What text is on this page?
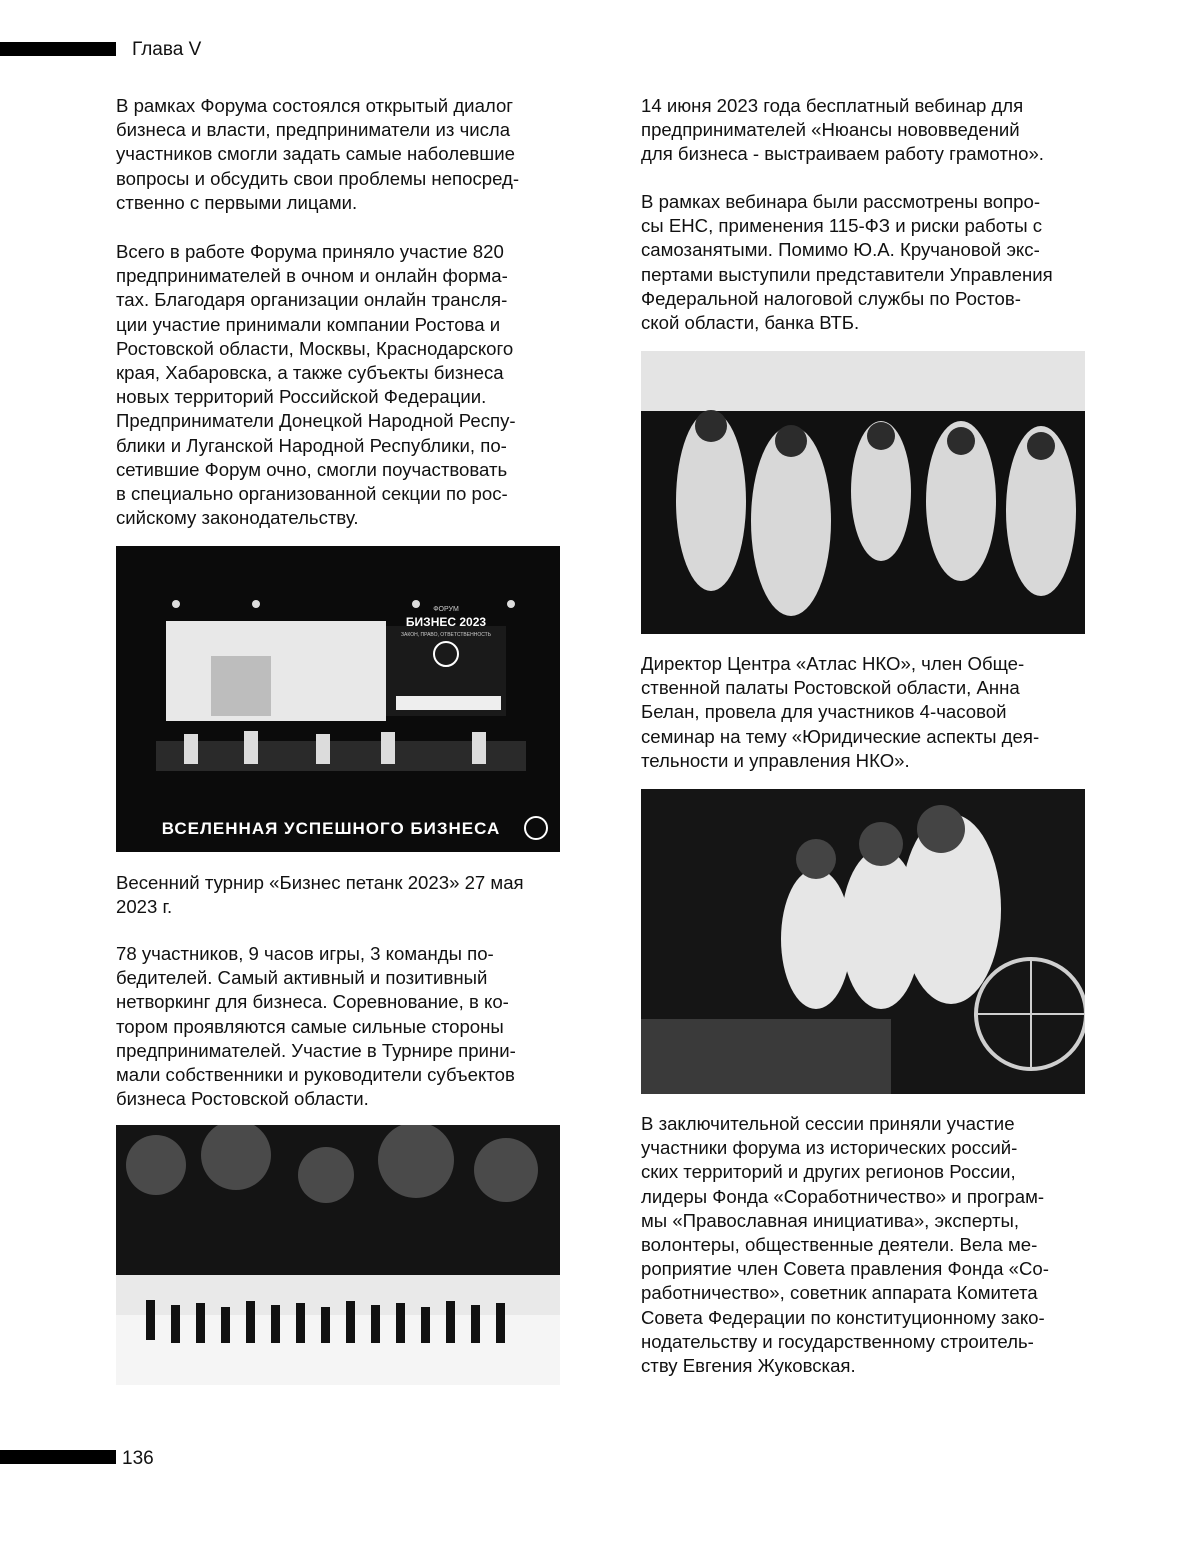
Глава V

В рамках Форума состоялся открытый диалог
бизнеса и власти, предприниматели из числа
участников смогли задать самые наболевшие
вопросы и обсудить свои проблемы непосред-
ственно с первыми лицами.

Всего в работе Форума приняло участие 820
предпринимателей в очном и онлайн форма-
тах. Благодаря организации онлайн трансля-
ции участие принимали компании Ростова и
Ростовской области, Москвы, Краснодарского
края, Хабаровска, а также субъекты бизнеса
новых территорий Российской Федерации.
Предприниматели Донецкой Народной Респу-
блики и Луганской Народной Республики, по-
сетившие Форум очно, смогли поучаствовать
в специально организованной секции по рос-
сийскому законодательству.

ФОРУМ
БИЗНЕС 2023
ЗАКОН, ПРАВО, ОТВЕТСТВЕННОСТЬ
ВСЕЛЕННАЯ УСПЕШНОГО БИЗНЕСА

Весенний турнир «Бизнес петанк 2023» 27 мая
2023 г.

78 участников, 9 часов игры, 3 команды по-
бедителей. Самый активный и позитивный
нетворкинг для бизнеса. Соревнование, в ко-
тором проявляются самые сильные стороны
предпринимателей. Участие в Турнире прини-
мали собственники и руководители субъектов
бизнеса Ростовской области.

14 июня 2023 года бесплатный вебинар для
предпринимателей «Нюансы нововведений
для бизнеса - выстраиваем работу грамотно».

В рамках вебинара были рассмотрены вопро-
сы ЕНС, применения 115-ФЗ и риски работы с
самозанятыми. Помимо Ю.А. Кручановой экс-
пертами выступили представители Управления
Федеральной налоговой службы по Ростов-
ской области, банка ВТБ.

Директор Центра «Атлас НКО», член Обще-
ственной палаты Ростовской области, Анна
Белан, провела для участников 4-часовой
семинар на тему «Юридические аспекты дея-
тельности и управления НКО».

В заключительной сессии приняли участие
участники форума из исторических россий-
ских территорий и других регионов России,
лидеры Фонда «Соработничество» и програм-
мы «Православная инициатива», эксперты,
волонтеры, общественные деятели. Вела ме-
роприятие член Совета правления Фонда «Со-
работничество», советник аппарата Комитета
Совета Федерации по конституционному зако-
нодательству и государственному строитель-
ству Евгения Жуковская.

136
